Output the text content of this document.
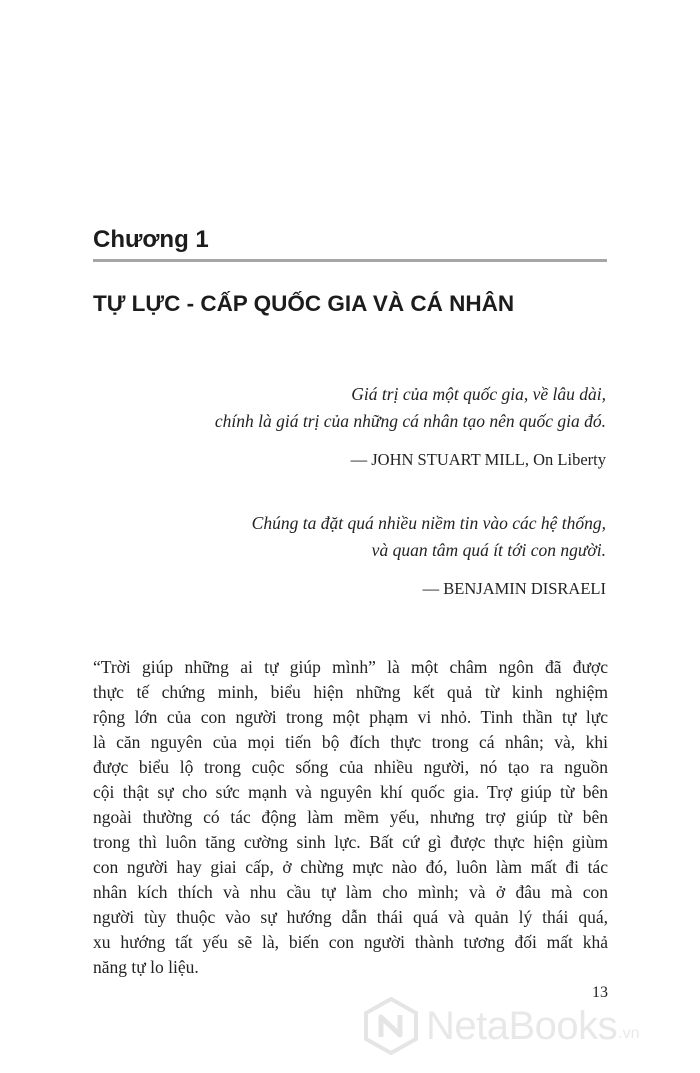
Chương 1
TỰ LỰC - CẤP QUỐC GIA VÀ CÁ NHÂN
Giá trị của một quốc gia, về lâu dài,
chính là giá trị của những cá nhân tạo nên quốc gia đó.
— JOHN STUART MILL, On Liberty
Chúng ta đặt quá nhiều niềm tin vào các hệ thống,
và quan tâm quá ít tới con người.
— BENJAMIN DISRAELI
“Trời giúp những ai tự giúp mình” là một châm ngôn đã được
thực tế chứng minh, biểu hiện những kết quả từ kinh nghiệm
rộng lớn của con người trong một phạm vi nhỏ. Tinh thần tự lực
là căn nguyên của mọi tiến bộ đích thực trong cá nhân; và, khi
được biểu lộ trong cuộc sống của nhiều người, nó tạo ra nguồn
cội thật sự cho sức mạnh và nguyên khí quốc gia. Trợ giúp từ bên
ngoài thường có tác động làm mềm yếu, nhưng trợ giúp từ bên
trong thì luôn tăng cường sinh lực. Bất cứ gì được thực hiện giùm
con người hay giai cấp, ở chừng mực nào đó, luôn làm mất đi tác
nhân kích thích và nhu cầu tự làm cho mình; và ở đâu mà con
người tùy thuộc vào sự hướng dẫn thái quá và quản lý thái quá,
xu hướng tất yếu sẽ là, biến con người thành tương đối mất khả
năng tự lo liệu.
13
NetaBooks .vn
